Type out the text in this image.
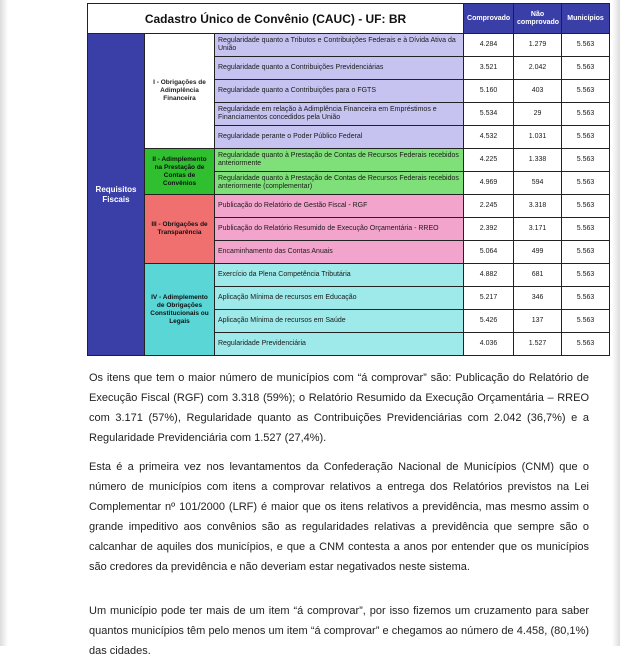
Cadastro Único de Convênio (CAUC) - UF: BR			Comprovado	Não comprovado	Municípios
Requisitos Fiscais	I - Obrigações de Adimplência Financeira	Regularidade quanto a Tributos e Contribuições Federais e à Dívida Ativa da União	4.284	1.279	5.563
		Regularidade quanto a Contribuições Previdenciárias	3.521	2.042	5.563
		Regularidade quanto a Contribuições para o FGTS	5.160	403	5.563
		Regularidade em relação à Adimplência Financeira em Empréstimos e Financiamentos concedidos pela União	5.534	29	5.563
		Regularidade perante o Poder Público Federal	4.532	1.031	5.563
	II - Adimplemento na Prestação de Contas de Convênios	Regularidade quanto à Prestação de Contas de Recursos Federais recebidos anteriormente	4.225	1.338	5.563
		Regularidade quanto à Prestação de Contas de Recursos Federais recebidos anteriormente (complementar)	4.969	594	5.563
	III - Obrigações de Transparência	Publicação do Relatório de Gestão Fiscal - RGF	2.245	3.318	5.563
		Publicação do Relatório Resumido de Execução Orçamentária - RREO	2.392	3.171	5.563
		Encaminhamento das Contas Anuais	5.064	499	5.563
	IV - Adimplemento de Obrigações Constitucionais ou Legais	Exercício da Plena Competência Tributária	4.882	681	5.563
		Aplicação Mínima de recursos em Educação	5.217	346	5.563
		Aplicação Mínima de recursos em Saúde	5.426	137	5.563
		Regularidade Previdenciária	4.036	1.527	5.563

Os itens que tem o maior número de municípios com “á comprovar” são: Publicação do Relatório de Execução Fiscal (RGF) com 3.318 (59%); o Relatório Resumido da Execução Orçamentária – RREO com 3.171 (57%), Regularidade quanto as Contribuições Previdenciárias com 2.042 (36,7%) e a Regularidade Previdenciária com 1.527 (27,4%).

Esta é a primeira vez nos levantamentos da Confederação Nacional de Municípios (CNM) que o número de municípios com itens a comprovar relativos a entrega dos Relatórios previstos na Lei Complementar nº 101/2000 (LRF) é maior que os itens relativos a previdência, mas mesmo assim o grande impeditivo aos convênios são as regularidades relativas a previdência que sempre são o calcanhar de aquiles dos municípios, e que a CNM contesta a anos por entender que os municípios são credores da previdência e não deveriam estar negativados neste sistema.

Um município pode ter mais de um item “á comprovar”, por isso fizemos um cruzamento para saber quantos municípios têm pelo menos um item “á comprovar” e chegamos ao número de 4.458, (80,1%) das cidades.
